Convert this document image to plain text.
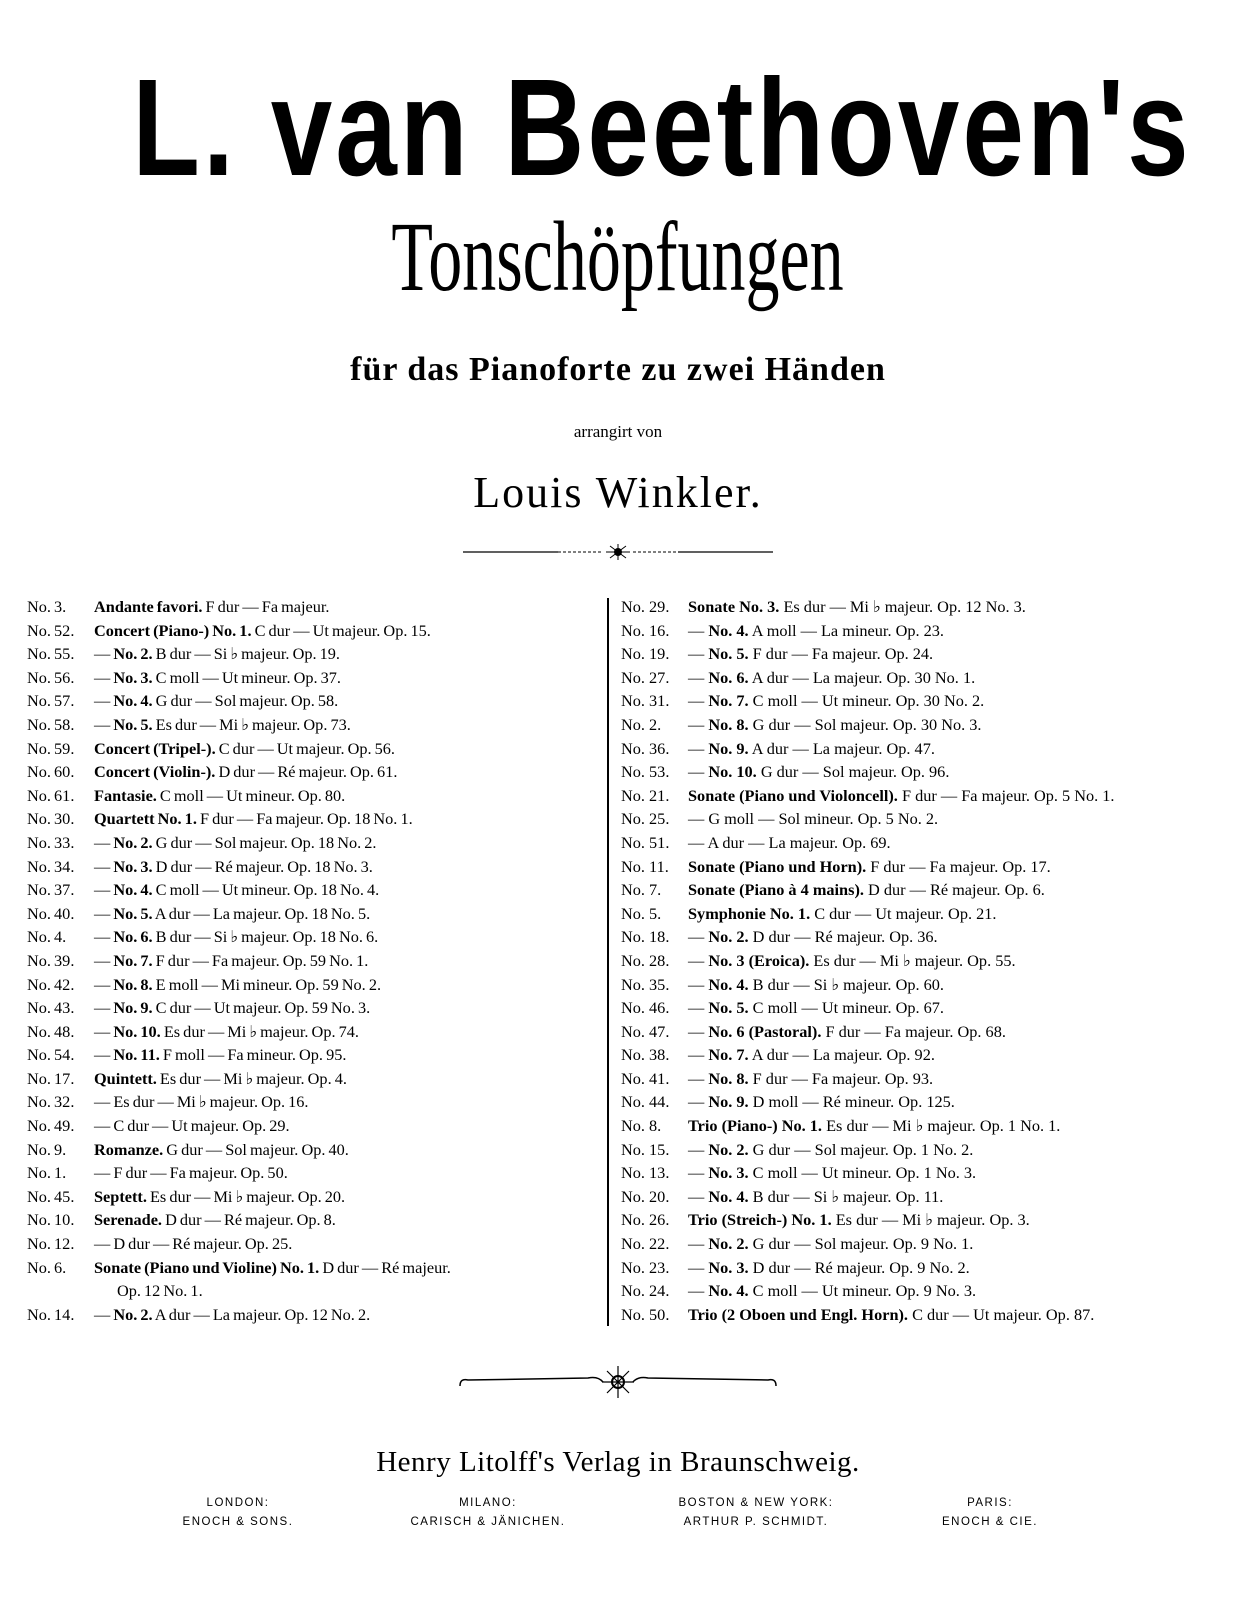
L. van Beethoven's
Tonschöpfungen
für das Pianoforte zu zwei Händen
arrangirt von
Louis Winkler.
No. 3. Andante favori. F dur — Fa majeur.
No. 52. Concert (Piano-) No. 1. C dur — Ut majeur. Op. 15.
No. 55. — No. 2. B dur — Si ♭ majeur. Op. 19.
No. 56. — No. 3. C moll — Ut mineur. Op. 37.
No. 57. — No. 4. G dur — Sol majeur. Op. 58.
No. 58. — No. 5. Es dur — Mi ♭ majeur. Op. 73.
No. 59. Concert (Tripel-). C dur — Ut majeur. Op. 56.
No. 60. Concert (Violin-). D dur — Ré majeur. Op. 61.
No. 61. Fantasie. C moll — Ut mineur. Op. 80.
No. 30. Quartett No. 1. F dur — Fa majeur. Op. 18 No. 1.
No. 33. — No. 2. G dur — Sol majeur. Op. 18 No. 2.
No. 34. — No. 3. D dur — Ré majeur. Op. 18 No. 3.
No. 37. — No. 4. C moll — Ut mineur. Op. 18 No. 4.
No. 40. — No. 5. A dur — La majeur. Op. 18 No. 5.
No. 4. — No. 6. B dur — Si ♭ majeur. Op. 18 No. 6.
No. 39. — No. 7. F dur — Fa majeur. Op. 59 No. 1.
No. 42. — No. 8. E moll — Mi mineur. Op. 59 No. 2.
No. 43. — No. 9. C dur — Ut majeur. Op. 59 No. 3.
No. 48. — No. 10. Es dur — Mi ♭ majeur. Op. 74.
No. 54. — No. 11. F moll — Fa mineur. Op. 95.
No. 17. Quintett. Es dur — Mi ♭ majeur. Op. 4.
No. 32. — Es dur — Mi ♭ majeur. Op. 16.
No. 49. — C dur — Ut majeur. Op. 29.
No. 9. Romanze. G dur — Sol majeur. Op. 40.
No. 1. — F dur — Fa majeur. Op. 50.
No. 45. Septett. Es dur — Mi ♭ majeur. Op. 20.
No. 10. Serenade. D dur — Ré majeur. Op. 8.
No. 12. — D dur — Ré majeur. Op. 25.
No. 6. Sonate (Piano und Violine) No. 1. D dur — Ré majeur.
Op. 12 No. 1.
No. 14. — No. 2. A dur — La majeur. Op. 12 No. 2.
No. 29. Sonate No. 3. Es dur — Mi ♭ majeur. Op. 12 No. 3.
No. 16. — No. 4. A moll — La mineur. Op. 23.
No. 19. — No. 5. F dur — Fa majeur. Op. 24.
No. 27. — No. 6. A dur — La majeur. Op. 30 No. 1.
No. 31. — No. 7. C moll — Ut mineur. Op. 30 No. 2.
No. 2. — No. 8. G dur — Sol majeur. Op. 30 No. 3.
No. 36. — No. 9. A dur — La majeur. Op. 47.
No. 53. — No. 10. G dur — Sol majeur. Op. 96.
No. 21. Sonate (Piano und Violoncell). F dur — Fa majeur. Op. 5 No. 1.
No. 25. — G moll — Sol mineur. Op. 5 No. 2.
No. 51. — A dur — La majeur. Op. 69.
No. 11. Sonate (Piano und Horn). F dur — Fa majeur. Op. 17.
No. 7. Sonate (Piano à 4 mains). D dur — Ré majeur. Op. 6.
No. 5. Symphonie No. 1. C dur — Ut majeur. Op. 21.
No. 18. — No. 2. D dur — Ré majeur. Op. 36.
No. 28. — No. 3 (Eroica). Es dur — Mi ♭ majeur. Op. 55.
No. 35. — No. 4. B dur — Si ♭ majeur. Op. 60.
No. 46. — No. 5. C moll — Ut mineur. Op. 67.
No. 47. — No. 6 (Pastoral). F dur — Fa majeur. Op. 68.
No. 38. — No. 7. A dur — La majeur. Op. 92.
No. 41. — No. 8. F dur — Fa majeur. Op. 93.
No. 44. — No. 9. D moll — Ré mineur. Op. 125.
No. 8. Trio (Piano-) No. 1. Es dur — Mi ♭ majeur. Op. 1 No. 1.
No. 15. — No. 2. G dur — Sol majeur. Op. 1 No. 2.
No. 13. — No. 3. C moll — Ut mineur. Op. 1 No. 3.
No. 20. — No. 4. B dur — Si ♭ majeur. Op. 11.
No. 26. Trio (Streich-) No. 1. Es dur — Mi ♭ majeur. Op. 3.
No. 22. — No. 2. G dur — Sol majeur. Op. 9 No. 1.
No. 23. — No. 3. D dur — Ré majeur. Op. 9 No. 2.
No. 24. — No. 4. C moll — Ut mineur. Op. 9 No. 3.
No. 50. Trio (2 Oboen und Engl. Horn). C dur — Ut majeur. Op. 87.
Henry Litolff's Verlag in Braunschweig.
LONDON:
ENOCH & SONS.
MILANO:
CARISCH & JÄNICHEN.
BOSTON & NEW YORK:
ARTHUR P. SCHMIDT.
PARIS:
ENOCH & CIE.
